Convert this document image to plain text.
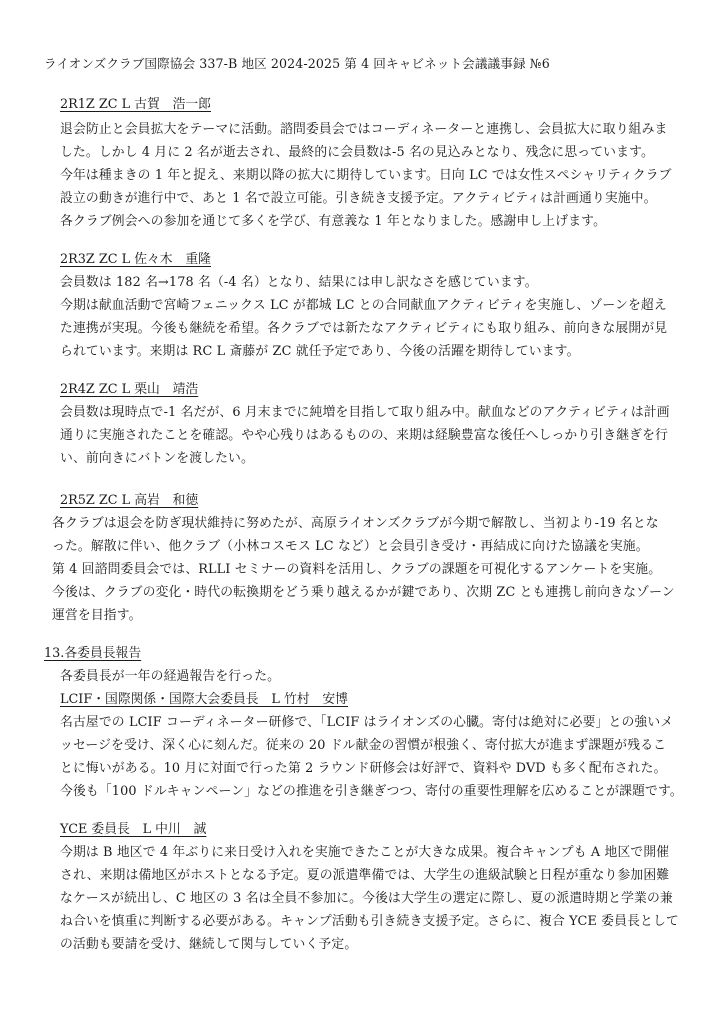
ライオンズクラブ国際協会 337-B 地区 2024-2025 第 4 回キャビネット会議議事録 №6
2R1Z ZC L 古賀　浩一郎
退会防止と会員拡大をテーマに活動。諮問委員会ではコーディネーターと連携し、会員拡大に取り組みま
した。しかし 4 月に 2 名が逝去され、最終的に会員数は-5 名の見込みとなり、残念に思っています。
今年は種まきの 1 年と捉え、来期以降の拡大に期待しています。日向 LC では女性スペシャリティクラブ
設立の動きが進行中で、あと 1 名で設立可能。引き続き支援予定。アクティビティは計画通り実施中。
各クラブ例会への参加を通じて多くを学び、有意義な 1 年となりました。感謝申し上げます。
2R3Z ZC L 佐々木　重隆
会員数は 182 名→178 名（-4 名）となり、結果には申し訳なさを感じています。
今期は献血活動で宮崎フェニックス LC が都城 LC との合同献血アクティビティを実施し、ゾーンを超え
た連携が実現。今後も継続を希望。各クラブでは新たなアクティビティにも取り組み、前向きな展開が見
られています。来期は RC L 斎藤が ZC 就任予定であり、今後の活躍を期待しています。
2R4Z ZC L 栗山　靖浩
会員数は現時点で-1 名だが、6 月末までに純増を目指して取り組み中。献血などのアクティビティは計画
通りに実施されたことを確認。やや心残りはあるものの、来期は経験豊富な後任へしっかり引き継ぎを行
い、前向きにバトンを渡したい。
2R5Z ZC L 高岩　和徳
各クラブは退会を防ぎ現状維持に努めたが、高原ライオンズクラブが今期で解散し、当初より-19 名とな
った。解散に伴い、他クラブ（小林コスモス LC など）と会員引き受け・再結成に向けた協議を実施。
第 4 回諮問委員会では、RLLI セミナーの資料を活用し、クラブの課題を可視化するアンケートを実施。
今後は、クラブの変化・時代の転換期をどう乗り越えるかが鍵であり、次期 ZC とも連携し前向きなゾーン
運営を目指す。
13.各委員長報告
各委員長が一年の経過報告を行った。
LCIF・国際関係・国際大会委員長　L 竹村　安博
名古屋での LCIF コーディネーター研修で、「LCIF はライオンズの心臓。寄付は絶対に必要」との強いメ
ッセージを受け、深く心に刻んだ。従来の 20 ドル献金の習慣が根強く、寄付拡大が進まず課題が残るこ
とに悔いがある。10 月に対面で行った第 2 ラウンド研修会は好評で、資料や DVD も多く配布された。
今後も「100 ドルキャンペーン」などの推進を引き継ぎつつ、寄付の重要性理解を広めることが課題です。
YCE 委員長　L 中川　誠
今期は B 地区で 4 年ぶりに来日受け入れを実施できたことが大きな成果。複合キャンプも A 地区で開催
され、来期は備地区がホストとなる予定。夏の派遣準備では、大学生の進級試験と日程が重なり参加困難
なケースが続出し、C 地区の 3 名は全員不参加に。今後は大学生の選定に際し、夏の派遣時期と学業の兼
ね合いを慎重に判断する必要がある。キャンプ活動も引き続き支援予定。さらに、複合 YCE 委員長として
の活動も要請を受け、継続して関与していく予定。
